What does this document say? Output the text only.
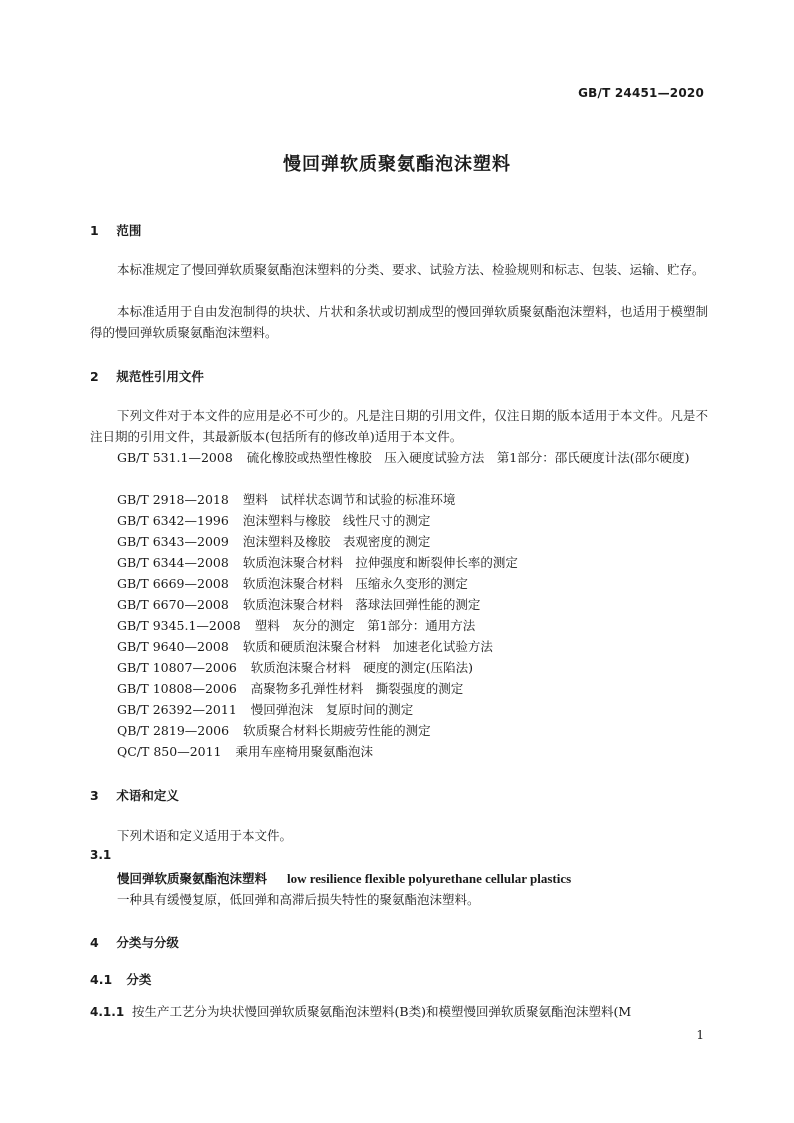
GB/T 24451—2020
慢回弹软质聚氨酯泡沫塑料
1 范围

本标准规定了慢回弹软质聚氨酯泡沫塑料的分类、要求、试验方法、检验规则和标志、包装、运输、贮存。

本标准适用于自由发泡制得的块状、片状和条状或切割成型的慢回弹软质聚氨酯泡沫塑料，也适用于模塑制得的慢回弹软质聚氨酯泡沫塑料。

2 规范性引用文件

下列文件对于本文件的应用是必不可少的。凡是注日期的引用文件，仅注日期的版本适用于本文件。凡是不注日期的引用文件，其最新版本(包括所有的修改单)适用于本文件。

GB/T 531.1—2008 硫化橡胶或热塑性橡胶　压入硬度试验方法　第1部分：邵氏硬度计法(邵尔硬度)

GB/T 2918—2018 塑料　试样状态调节和试验的标准环境
GB/T 6342—1996 泡沫塑料与橡胶　线性尺寸的测定
GB/T 6343—2009 泡沫塑料及橡胶　表观密度的测定
GB/T 6344—2008 软质泡沫聚合材料　拉伸强度和断裂伸长率的测定
GB/T 6669—2008 软质泡沫聚合材料　压缩永久变形的测定
GB/T 6670—2008 软质泡沫聚合材料　落球法回弹性能的测定
GB/T 9345.1—2008 塑料　灰分的测定　第1部分：通用方法
GB/T 9640—2008 软质和硬质泡沫聚合材料　加速老化试验方法
GB/T 10807—2006 软质泡沫聚合材料　硬度的测定(压陷法)
GB/T 10808—2006 高聚物多孔弹性材料　撕裂强度的测定
GB/T 26392—2011 慢回弹泡沫　复原时间的测定
QB/T 2819—2006 软质聚合材料长期疲劳性能的测定
QC/T 850—2011 乘用车座椅用聚氨酯泡沫
3 术语和定义
下列术语和定义适用于本文件。
3.1
慢回弹软质聚氨酯泡沫塑料 low resilience flexible polyurethane cellular plastics
一种具有缓慢复原，低回弹和高滞后损失特性的聚氨酯泡沫塑料。
4 分类与分级
4.1 分类
4.1.1 按生产工艺分为块状慢回弹软质聚氨酯泡沫塑料(B类)和模塑慢回弹软质聚氨酯泡沫塑料(M
1
